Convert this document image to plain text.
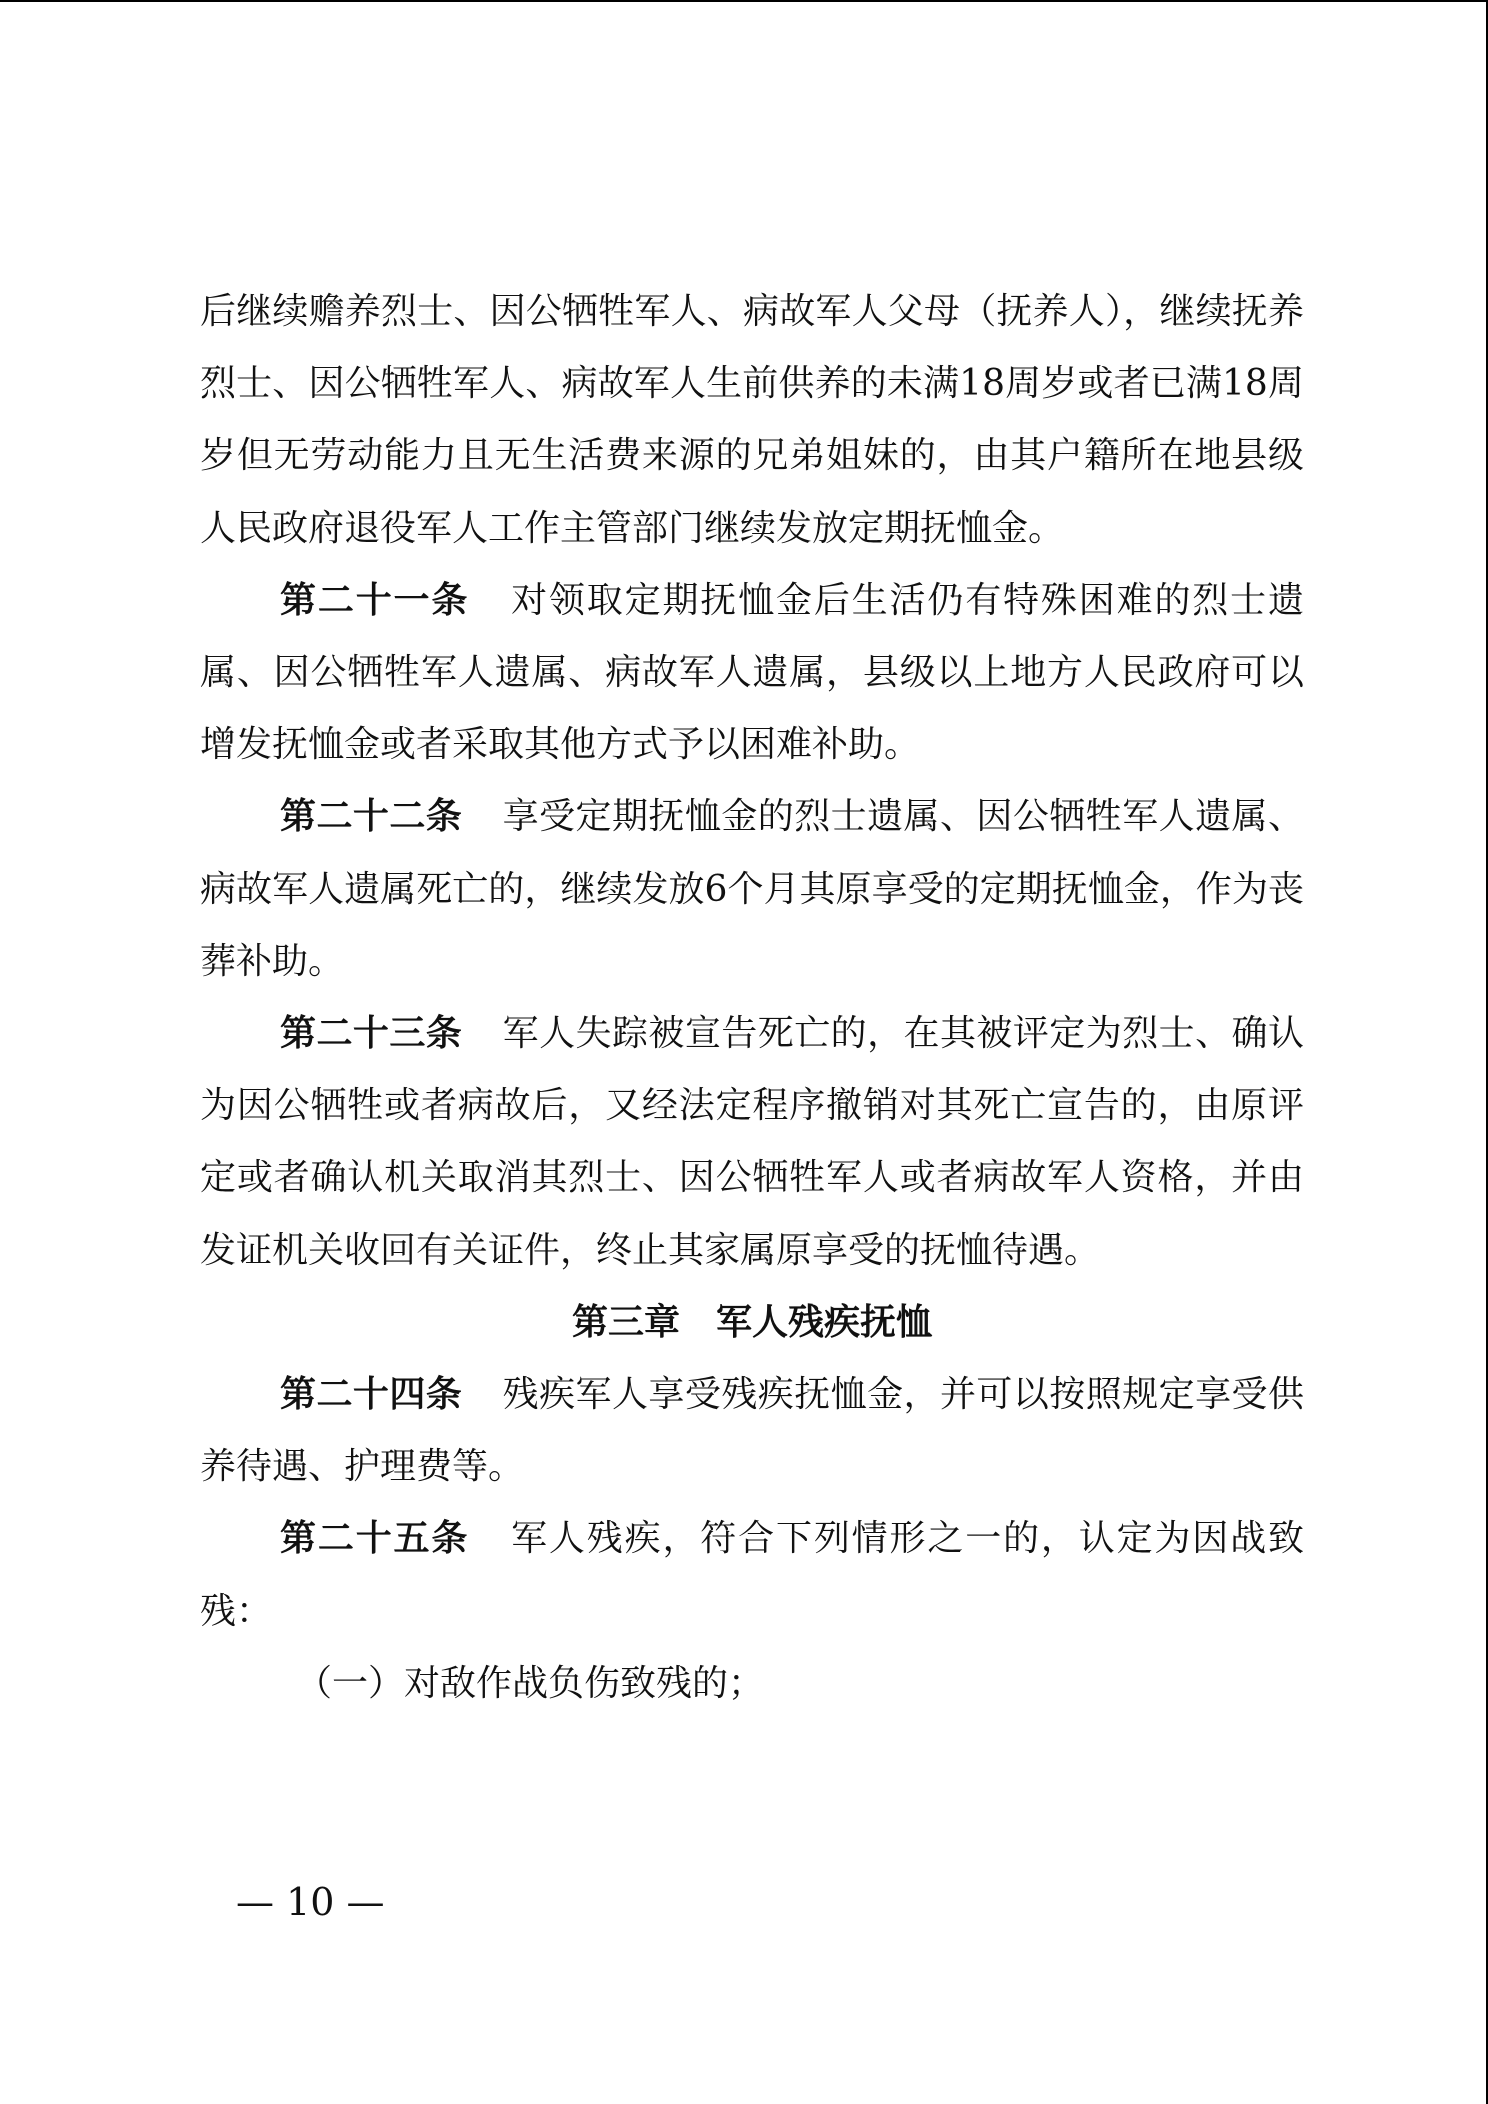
后继续赡养烈士、因公牺牲军人、病故军人父母（抚养人），继续抚养烈士、因公牺牲军人、病故军人生前供养的未满18周岁或者已满18周岁但无劳动能力且无生活费来源的兄弟姐妹的，由其户籍所在地县级人民政府退役军人工作主管部门继续发放定期抚恤金。

第二十一条 对领取定期抚恤金后生活仍有特殊困难的烈士遗属、因公牺牲军人遗属、病故军人遗属，县级以上地方人民政府可以增发抚恤金或者采取其他方式予以困难补助。

第二十二条 享受定期抚恤金的烈士遗属、因公牺牲军人遗属、病故军人遗属死亡的，继续发放6个月其原享受的定期抚恤金，作为丧葬补助。

第二十三条 军人失踪被宣告死亡的，在其被评定为烈士、确认为因公牺牲或者病故后，又经法定程序撤销对其死亡宣告的，由原评定或者确认机关取消其烈士、因公牺牲军人或者病故军人资格，并由发证机关收回有关证件，终止其家属原享受的抚恤待遇。

第三章　军人残疾抚恤

第二十四条 残疾军人享受残疾抚恤金，并可以按照规定享受供养待遇、护理费等。

第二十五条 军人残疾，符合下列情形之一的，认定为因战致残：

（一）对敌作战负伤致残的；

— 10 —
